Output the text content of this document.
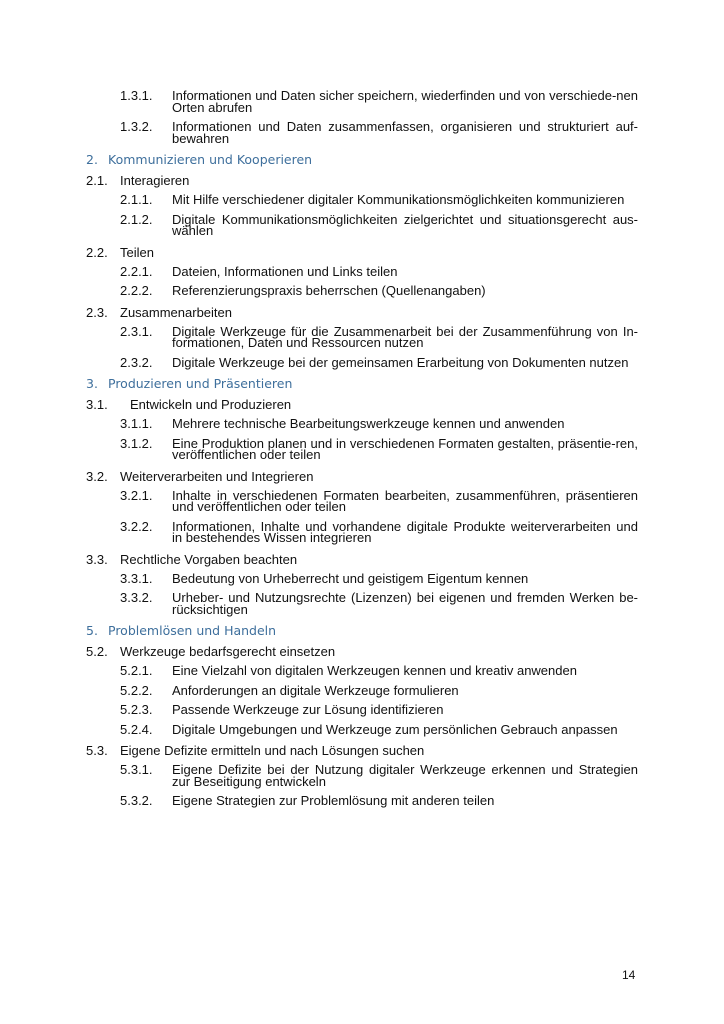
1.3.1.	Informationen und Daten sicher speichern, wiederfinden und von verschiede-nen Orten abrufen
1.3.2.	Informationen und Daten zusammenfassen, organisieren und strukturiert auf-bewahren
2. Kommunizieren und Kooperieren
2.1. Interagieren
2.1.1.	Mit Hilfe verschiedener digitaler Kommunikationsmöglichkeiten kommunizieren
2.1.2.	Digitale Kommunikationsmöglichkeiten zielgerichtet und situationsgerecht aus-wählen
2.2. Teilen
2.2.1.	Dateien, Informationen und Links teilen
2.2.2.	Referenzierungspraxis beherrschen (Quellenangaben)
2.3. Zusammenarbeiten
2.3.1.	Digitale Werkzeuge für die Zusammenarbeit bei der Zusammenführung von In-formationen, Daten und Ressourcen nutzen
2.3.2.	Digitale Werkzeuge bei der gemeinsamen Erarbeitung von Dokumenten nutzen
3. Produzieren und Präsentieren
3.1.	Entwickeln und Produzieren
3.1.1.	Mehrere technische Bearbeitungswerkzeuge kennen und anwenden
3.1.2.	Eine Produktion planen und in verschiedenen Formaten gestalten, präsentie-ren, veröffentlichen oder teilen
3.2. Weiterverarbeiten und Integrieren
3.2.1.	Inhalte in verschiedenen Formaten bearbeiten, zusammenführen, präsentieren und veröffentlichen oder teilen
3.2.2.	Informationen, Inhalte und vorhandene digitale Produkte weiterverarbeiten und in bestehendes Wissen integrieren
3.3. Rechtliche Vorgaben beachten
3.3.1.	Bedeutung von Urheberrecht und geistigem Eigentum kennen
3.3.2.	Urheber- und Nutzungsrechte (Lizenzen) bei eigenen und fremden Werken be-rücksichtigen
5. Problemlösen und Handeln
5.2. Werkzeuge bedarfsgerecht einsetzen
5.2.1.	Eine Vielzahl von digitalen Werkzeugen kennen und kreativ anwenden
5.2.2.	Anforderungen an digitale Werkzeuge formulieren
5.2.3.	Passende Werkzeuge zur Lösung identifizieren
5.2.4.	Digitale Umgebungen und Werkzeuge zum persönlichen Gebrauch anpassen
5.3. Eigene Defizite ermitteln und nach Lösungen suchen
5.3.1.	Eigene Defizite bei der Nutzung digitaler Werkzeuge erkennen und Strategien zur Beseitigung entwickeln
5.3.2.	Eigene Strategien zur Problemlösung mit anderen teilen
14
